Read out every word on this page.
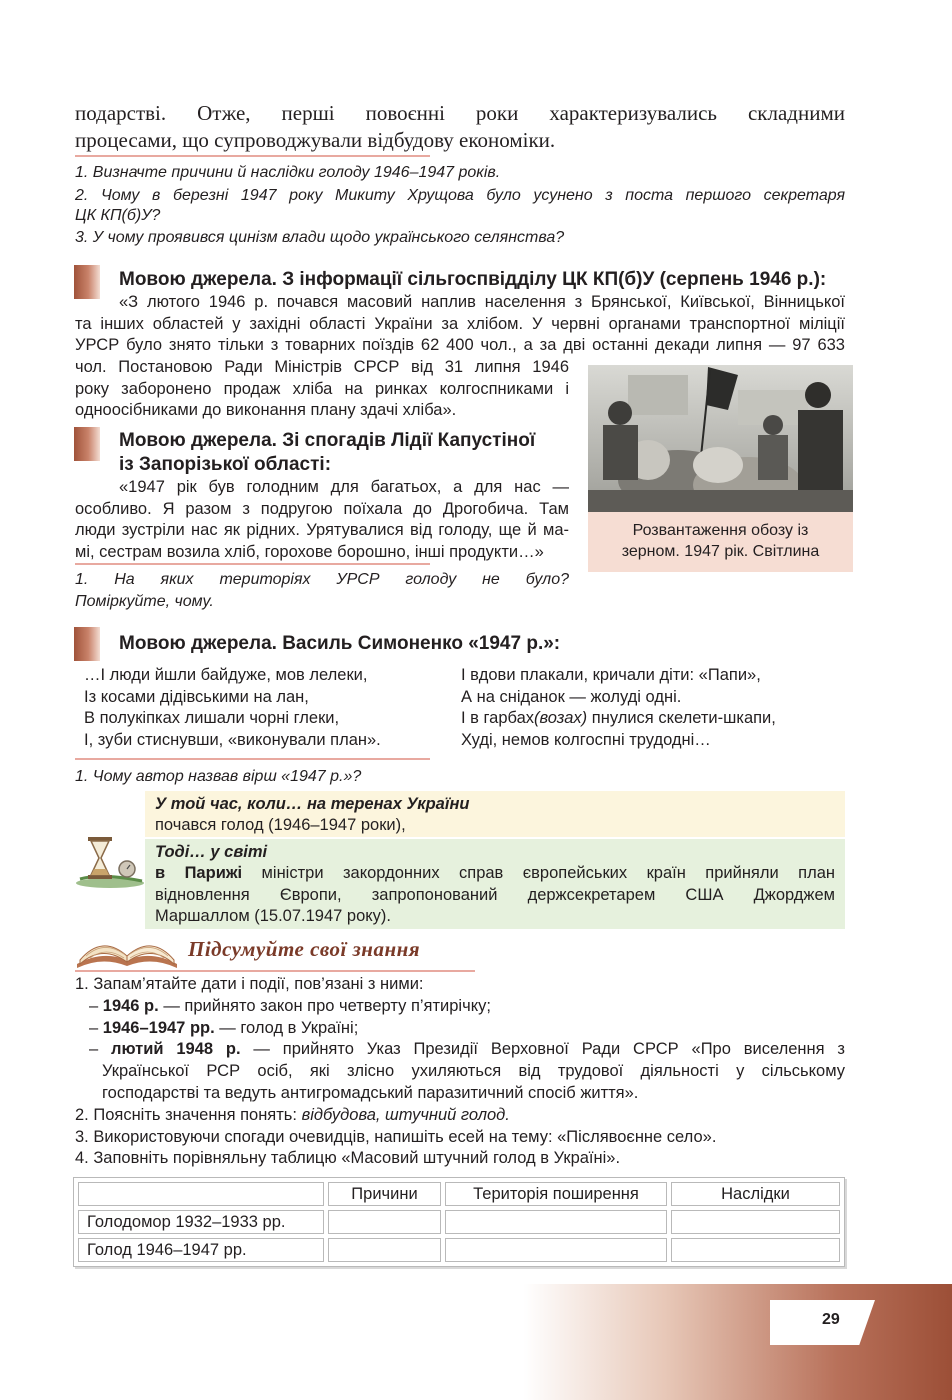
подарстві. Отже, перші повоєнні роки характеризувались складними
процесами, що супроводжували відбудову економіки.
1. Визначте причини й наслідки голоду 1946–1947 років.
2. Чому в березні 1947 року Микиту Хрущова було усунено з поста першого секретаря
ЦК КП(б)У?
3. У чому проявився цинізм влади щодо українського селянства?
Мовою джерела. З інформації сільгоспвідділу ЦК КП(б)У (серпень 1946 р.):
«З лютого 1946 р. почався масовий наплив населення з Брянської, Київської, Вінницької
та інших областей у західні області України за хлібом. У червні органами транспортної міліції
УРСР було знято тільки з товарних поїздів 62 400 чол., а за дві останні декади липня — 97 633
чол. Постановою Ради Міністрів СРСР від 31 липня 1946
року заборонено продаж хліба на ринках колгоспниками і
одноосібниками до виконання плану здачі хліба».
Розвантаження обозу із
зерном. 1947 рік. Світлина
Мовою джерела. Зі спогадів Лідії Капустіної
із Запорізької області:
«1947 рік був голодним для багатьох, а для нас —
особливо. Я разом з подругою поїхала до Дрогобича. Там
люди зустріли нас як рідних. Урятувалися від голоду, ще й ма-
мі, сестрам возила хліб, горохове борошно, інші продукти…»
1. На яких територіях УРСР голоду не було?
Поміркуйте, чому.
Мовою джерела. Василь Симоненко «1947 р.»:
…І люди йшли байдуже, мов лелеки,
Із косами дідівськими на лан,
В полукіпках лишали чорні глеки,
І, зуби стиснувши, «виконували план».
І вдови плакали, кричали діти: «Папи»,
А на сніданок — жолуді одні.
І в гарбах(возах) пнулися скелети-шкапи,
Худі, немов колгоспні трудодні…
1. Чому автор назвав вірш «1947 р.»?
У той час, коли… на теренах України
почався голод (1946–1947 роки),
Тоді… у світі
в Парижі міністри закордонних справ європейських країн прийняли план
відновлення Європи, запропонований держсекретарем США Джорджем
Маршаллом (15.07.1947 року).
Підсумуйте свої знання
1. Запам’ятайте дати і події, пов’язані з ними:
– 1946 р. — прийнято закон про четверту п’ятирічку;
– 1946–1947 рр. — голод в Україні;
– лютий 1948 р. — прийнято Указ Президії Верховної Ради СРСР «Про виселення з
Української РСР осіб, які злісно ухиляються від трудової діяльності у сільському
господарстві та ведуть антигромадський паразитичний спосіб життя».
2. Поясніть значення понять: відбудова, штучний голод.
3. Використовуючи спогади очевидців, напишіть есей на тему: «Післявоєнне село».
4. Заповніть порівняльну таблицю «Масовий штучний голод в Україні».
	Причини	Територія поширення	Наслідки
Голодомор 1932–1933 рр.			
Голод 1946–1947 рр.			
29
